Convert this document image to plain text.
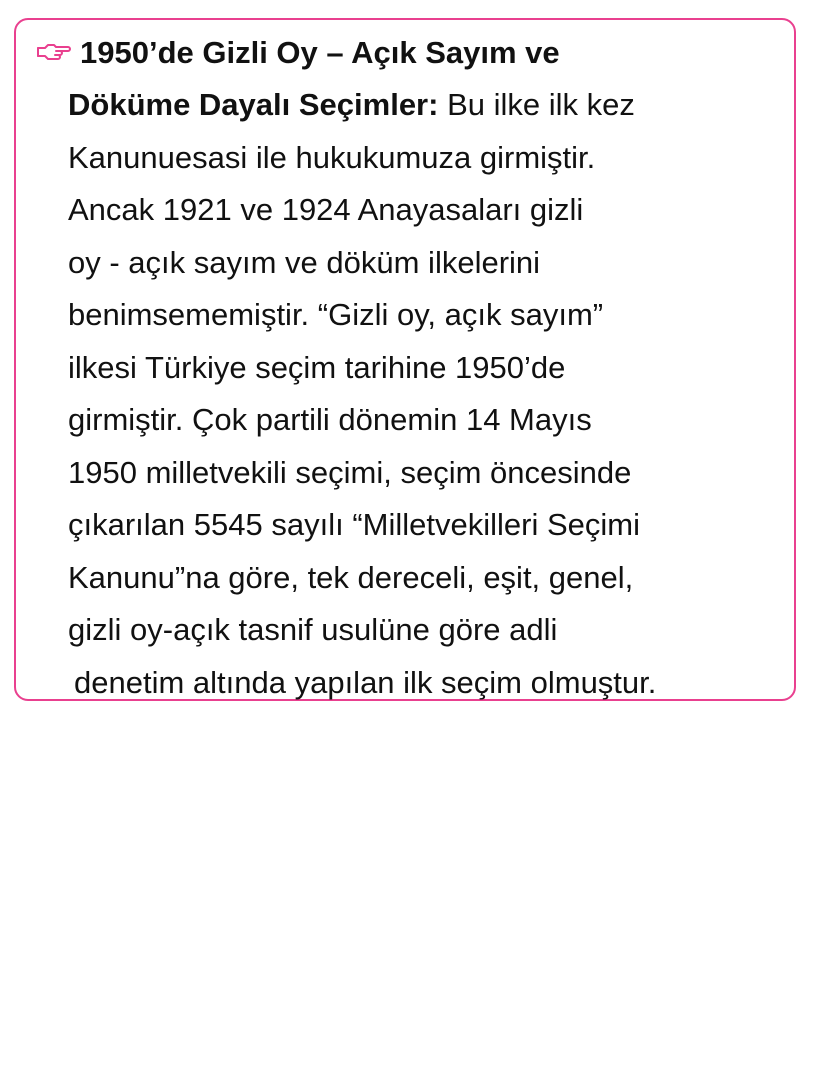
1950’de Gizli Oy – Açık Sayım ve
Döküme Dayalı Seçimler: Bu ilke ilk kez
Kanunuesasi ile hukukumuza girmiştir.
Ancak 1921 ve 1924 Anayasaları gizli
oy - açık sayım ve döküm ilkelerini
benimsememiştir. “Gizli oy, açık sayım”
ilkesi Türkiye seçim tarihine 1950’de
girmiştir. Çok partili dönemin 14 Mayıs
1950 milletvekili seçimi, seçim öncesinde
çıkarılan 5545 sayılı “Milletvekilleri Seçimi
Kanunu”na göre, tek dereceli, eşit, genel,
gizli oy-açık tasnif usulüne göre adli
denetim altında yapılan ilk seçim olmuştur.
